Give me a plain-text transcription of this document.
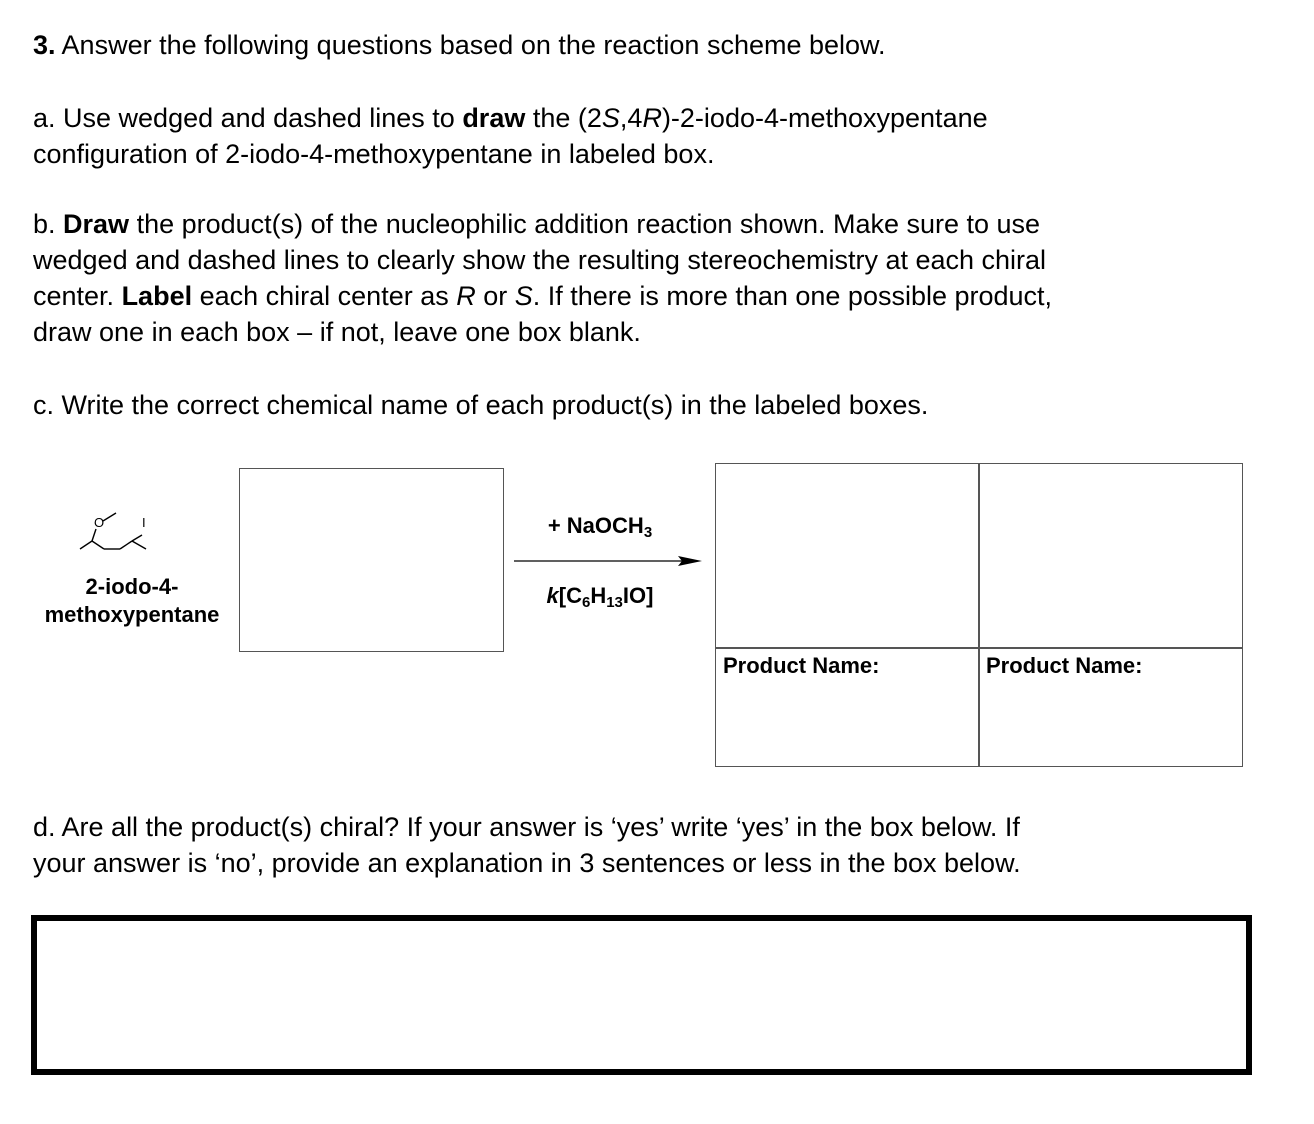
3. Answer the following questions based on the reaction scheme below.
a. Use wedged and dashed lines to draw the (2S,4R)-2-iodo-4-methoxypentane
configuration of 2-iodo-4-methoxypentane in labeled box.
b. Draw the product(s) of the nucleophilic addition reaction shown. Make sure to use
wedged and dashed lines to clearly show the resulting stereochemistry at each chiral
center. Label each chiral center as R or S. If there is more than one possible product,
draw one in each box – if not, leave one box blank.
c. Write the correct chemical name of each product(s) in the labeled boxes.
O	I
2-iodo-4-
methoxypentane
+ NaOCH$_3$
$k[C_6H_{13}IO]$
Product Name:	Product Name:
d. Are all the product(s) chiral? If your answer is ‘yes’ write ‘yes’ in the box below. If
your answer is ‘no’, provide an explanation in 3 sentences or less in the box below.
